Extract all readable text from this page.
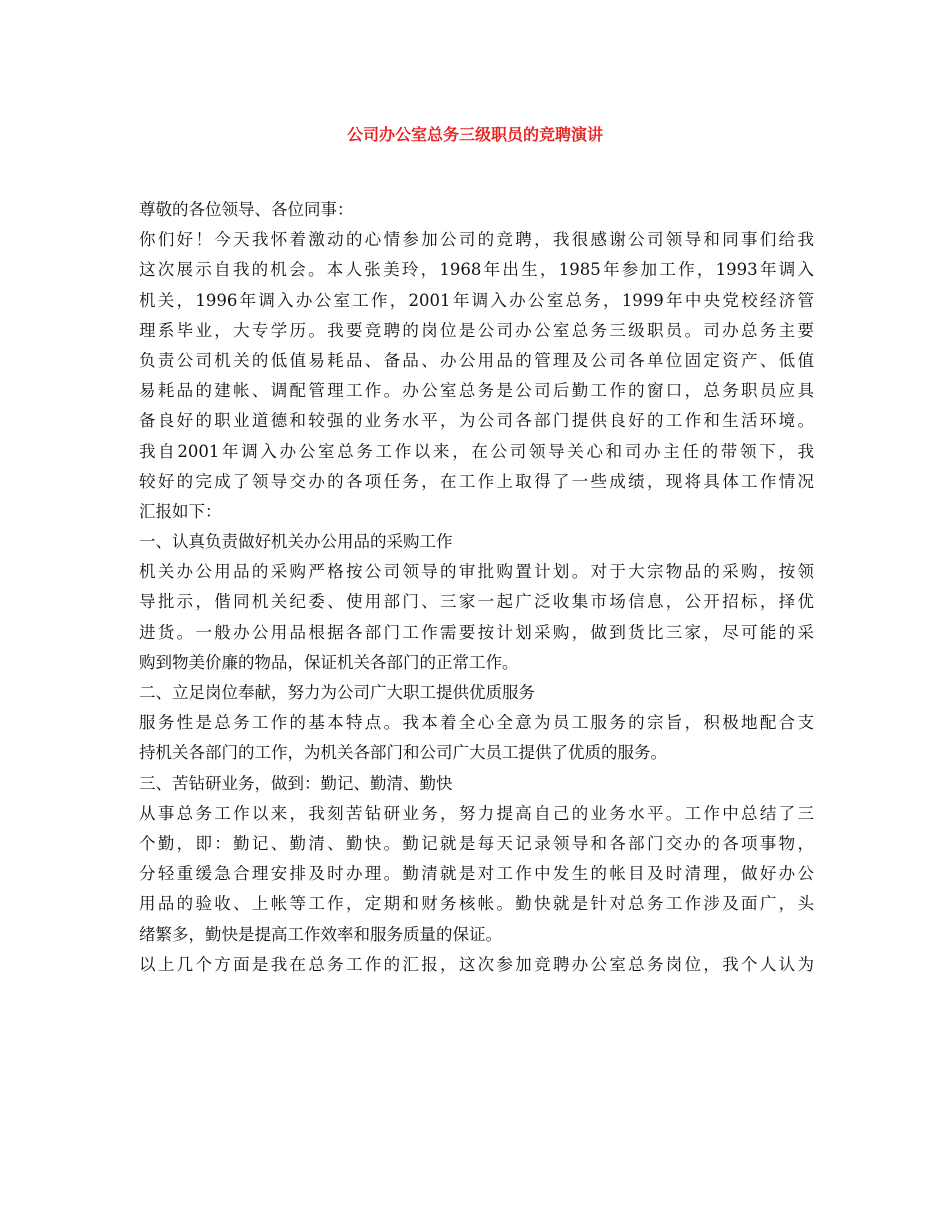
公司办公室总务三级职员的竞聘演讲
尊敬的各位领导、各位同事：
你们好！今天我怀着激动的心情参加公司的竞聘，我很感谢公司领导和同事们给我
这次展示自我的机会。本人张美玲，1968年出生，1985年参加工作，1993年调入
机关，1996年调入办公室工作，2001年调入办公室总务，1999年中央党校经济管
理系毕业，大专学历。我要竞聘的岗位是公司办公室总务三级职员。司办总务主要
负责公司机关的低值易耗品、备品、办公用品的管理及公司各单位固定资产、低值
易耗品的建帐、调配管理工作。办公室总务是公司后勤工作的窗口，总务职员应具
备良好的职业道德和较强的业务水平，为公司各部门提供良好的工作和生活环境。
我自2001年调入办公室总务工作以来，在公司领导关心和司办主任的带领下，我
较好的完成了领导交办的各项任务，在工作上取得了一些成绩，现将具体工作情况
汇报如下：
一、认真负责做好机关办公用品的采购工作
机关办公用品的采购严格按公司领导的审批购置计划。对于大宗物品的采购，按领
导批示，偕同机关纪委、使用部门、三家一起广泛收集市场信息，公开招标，择优
进货。一般办公用品根据各部门工作需要按计划采购，做到货比三家，尽可能的采
购到物美价廉的物品，保证机关各部门的正常工作。
二、立足岗位奉献，努力为公司广大职工提供优质服务
服务性是总务工作的基本特点。我本着全心全意为员工服务的宗旨，积极地配合支
持机关各部门的工作，为机关各部门和公司广大员工提供了优质的服务。
三、苦钻研业务，做到：勤记、勤清、勤快
从事总务工作以来，我刻苦钻研业务，努力提高自己的业务水平。工作中总结了三
个勤，即：勤记、勤清、勤快。勤记就是每天记录领导和各部门交办的各项事物，
分轻重缓急合理安排及时办理。勤清就是对工作中发生的帐目及时清理，做好办公
用品的验收、上帐等工作，定期和财务核帐。勤快就是针对总务工作涉及面广，头
绪繁多，勤快是提高工作效率和服务质量的保证。
以上几个方面是我在总务工作的汇报，这次参加竞聘办公室总务岗位，我个人认为
